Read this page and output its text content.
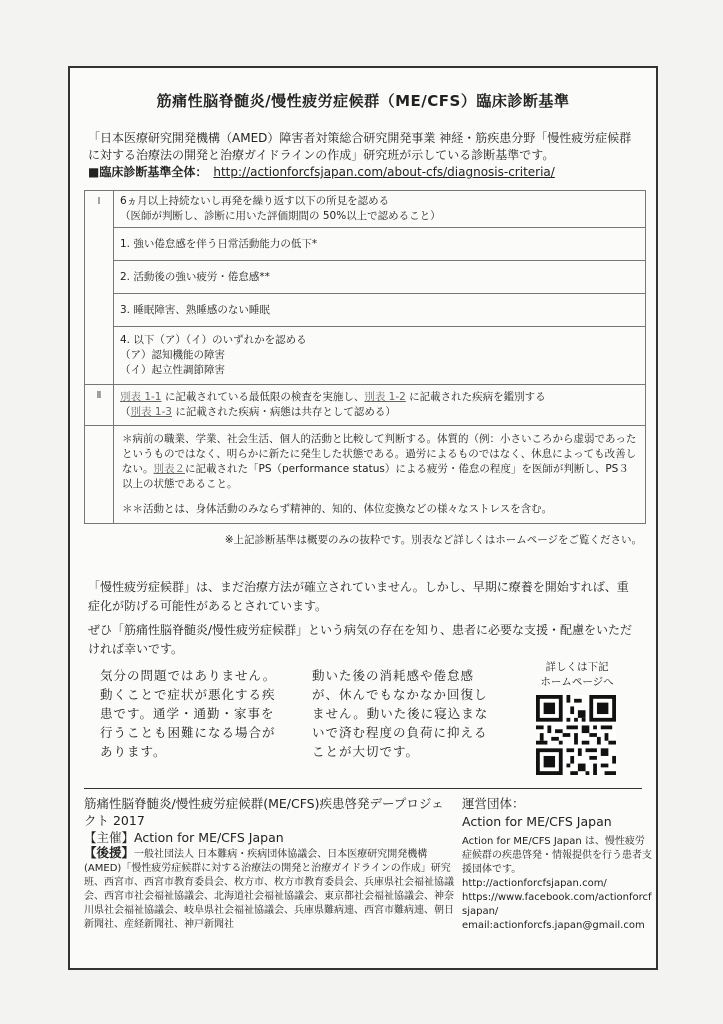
筋痛性脳脊髄炎/慢性疲労症候群（ME/CFS）臨床診断基準
「日本医療研究開発機構（AMED）障害者対策総合研究開発事業 神経・筋疾患分野「慢性疲労症候群に対する治療法の開発と治療ガイドラインの作成」研究班が示している診断基準です。
■臨床診断基準全体： http://actionforcfsjapan.com/about-cfs/diagnosis-criteria/
Ⅰ	6ヵ月以上持続ないし再発を繰り返す以下の所見を認める
（医師が判断し、診断に用いた評価期間の 50%以上で認めること）

	1. 強い倦怠感を伴う日常活動能力の低下*
	2. 活動後の強い疲労・倦怠感**
	3. 睡眠障害、熟睡感のない睡眠

	4. 以下（ア）（イ）のいずれかを認める
（ア）認知機能の障害
（イ）起立性調節障害

Ⅱ	別表 1-1 に記載されている最低限の検査を実施し、別表 1-2 に記載された疾病を鑑別する
（別表 1-3 に記載された疾病・病態は共存として認める）

	＊病前の職業、学業、社会生活、個人的活動と比較して判断する。体質的（例：小さいころから虚弱であったというものではなく、明らかに新たに発生した状態である。過労によるものではなく、休息によっても改善しない。別表２に記載された「PS（performance status）による疲労・倦怠の程度」を医師が判断し、PS３以上の状態であること。
＊＊活動とは、身体活動のみならず精神的、知的、体位変換などの様々なストレスを含む。
※上記診断基準は概要のみの抜粋です。別表など詳しくはホームページをご覧ください。
「慢性疲労症候群」は、まだ治療方法が確立されていません。しかし、早期に療養を開始すれば、重症化が防げる可能性があるとされています。
ぜひ「筋痛性脳脊髄炎/慢性疲労症候群」という病気の存在を知り、患者に必要な支援・配慮をいただければ幸いです。
気分の問題ではありません。動くことで症状が悪化する疾患です。通学・通勤・家事を行うことも困難になる場合があります。
動いた後の消耗感や倦怠感が、休んでもなかなか回復しません。動いた後に寝込まないで済む程度の負荷に抑えることが大切です。
詳しくは下記
ホームページへ
筋痛性脳脊髄炎/慢性疲労症候群(ME/CFS)疾患啓発デープロジェクト 2017
【主催】Action for ME/CFS Japan
【後援】一般社団法人 日本難病・疾病団体協議会、日本医療研究開発機構(AMED)「慢性疲労症候群に対する治療法の開発と治療ガイドラインの作成」研究班、西宮市、西宮市教育委員会、枚方市、枚方市教育委員会、兵庫県社会福祉協議会、西宮市社会福祉協議会、北海道社会福祉協議会、東京都社会福祉協議会、神奈川県社会福祉協議会、岐阜県社会福祉協議会、兵庫県難病連、西宮市難病連、朝日新聞社、産経新聞社、神戸新聞社
運営団体：
Action for ME/CFS Japan
Action for ME/CFS Japan は、慢性疲労症候群の疾患啓発・情報提供を行う患者支援団体です。
http://actionforcfsjapan.com/
https://www.facebook.com/actionforcfsjapan/
email:actionforcfs.japan@gmail.com
